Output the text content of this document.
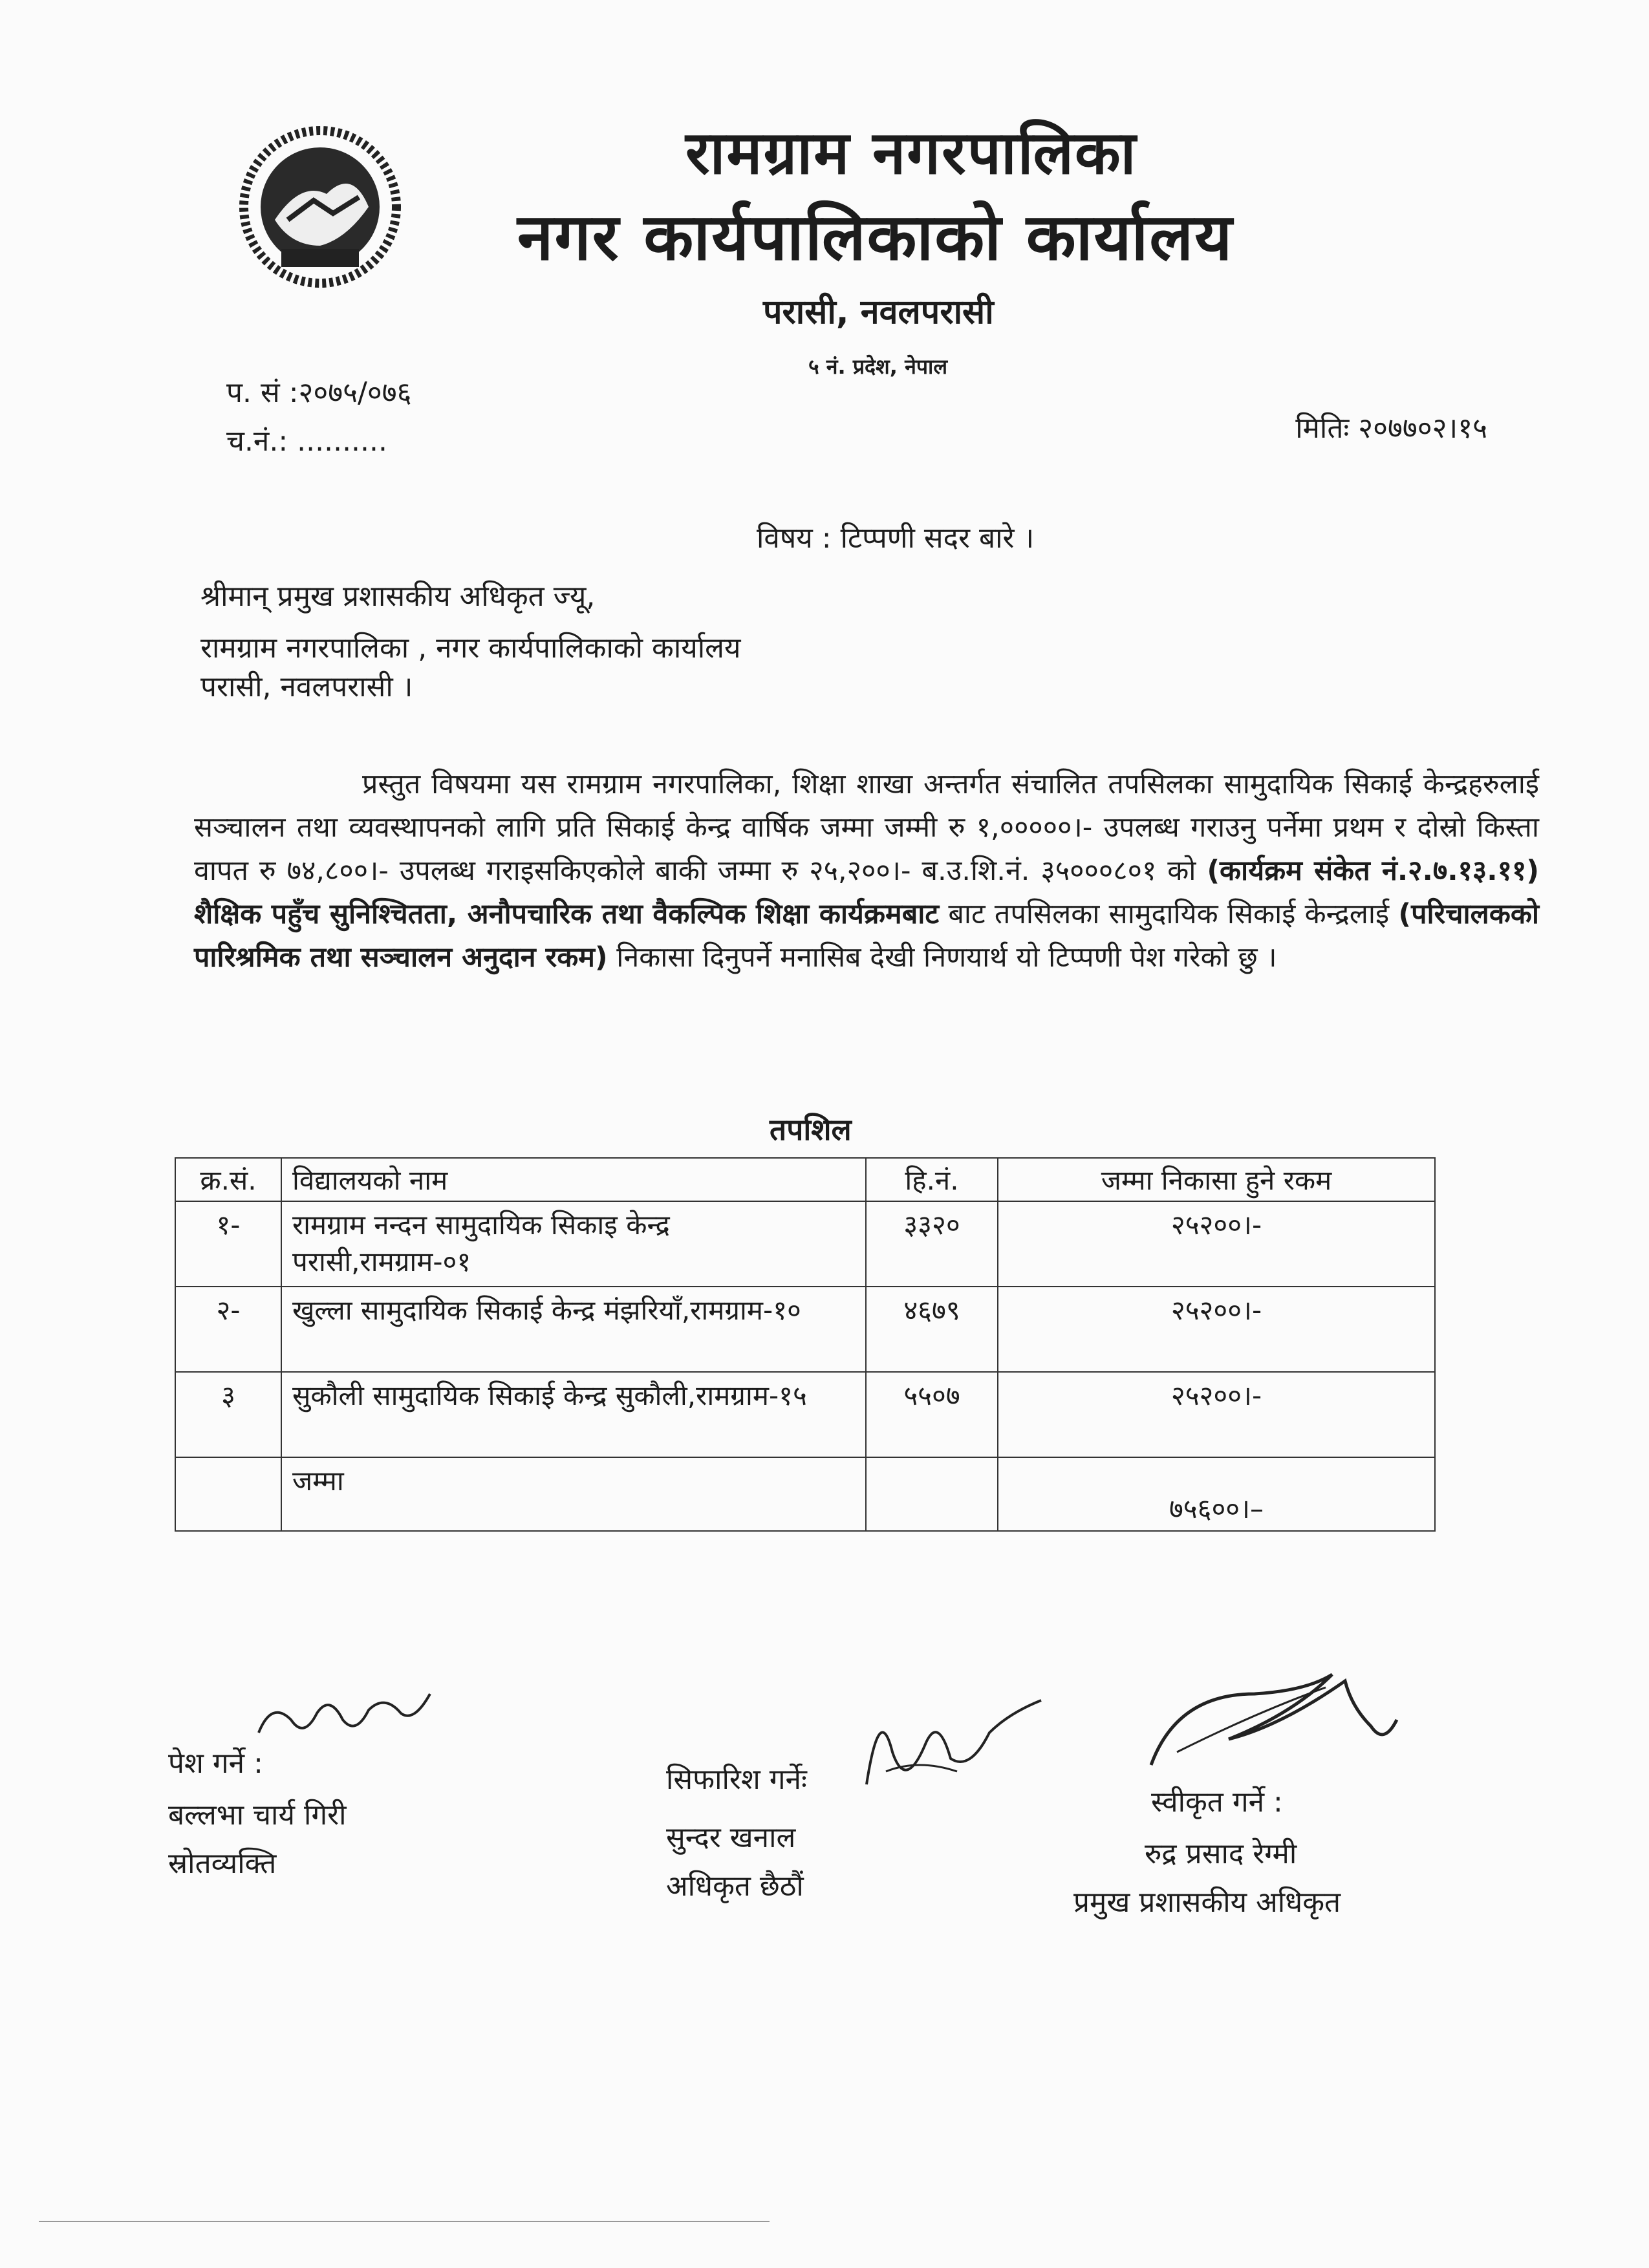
रामग्राम नगरपालिका
नगर कार्यपालिकाको कार्यालय
परासी, नवलपरासी
५ नं. प्रदेश, नेपाल
प. सं :२०७५/०७६
च.नं.: ..........	मितिः २०७७०२।१५
विषय : टिप्पणी सदर बारे ।
श्रीमान् प्रमुख प्रशासकीय अधिकृत ज्यू,
रामग्राम नगरपालिका , नगर कार्यपालिकाको कार्यालय
परासी, नवलपरासी ।
प्रस्तुत विषयमा यस रामग्राम नगरपालिका, शिक्षा शाखा अन्तर्गत संचालित तपसिलका सामुदायिक सिकाई केन्द्रहरुलाई सञ्चालन तथा व्यवस्थापनको लागि प्रति सिकाई केन्द्र वार्षिक जम्मा जम्मी रु १,०००००।- उपलब्ध गराउनु पर्नेमा प्रथम र दोस्रो किस्ता वापत रु ७४,८००।- उपलब्ध गराइसकिएकोले बाकी जम्मा रु २५,२००।- ब.उ.शि.नं. ३५०००८०१ को (कार्यक्रम संकेत नं.२.७.१३.११) शैक्षिक पहुँच सुनिश्चितता, अनौपचारिक तथा वैकल्पिक शिक्षा कार्यक्रमबाट बाट तपसिलका सामुदायिक सिकाई केन्द्रलाई (परिचालकको पारिश्रमिक तथा सञ्चालन अनुदान रकम) निकासा दिनुपर्ने मनासिब देखी निणयार्थ यो टिप्पणी पेश गरेको छु ।
तपशिल
क्र.सं.	विद्यालयको नाम	हि.नं.	जम्मा निकासा हुने रकम
१-	रामग्राम नन्दन सामुदायिक सिकाइ केन्द्र परासी,रामग्राम-०१	३३२०	२५२००।-
२-	खुल्ला सामुदायिक सिकाई केन्द्र मंझरियाँ,रामग्राम-१०	४६७९	२५२००।-
३	सुकौली सामुदायिक सिकाई केन्द्र सुकौली,रामग्राम-१५	५५०७	२५२००।-
	जम्मा		७५६००।–
पेश गर्ने :
बल्लभा चार्य गिरी
स्रोतव्यक्ति
सिफारिश गर्नेः
सुन्दर खनाल
अधिकृत छैठौं
स्वीकृत गर्ने :
रुद्र प्रसाद रेग्मी
प्रमुख प्रशासकीय अधिकृत
